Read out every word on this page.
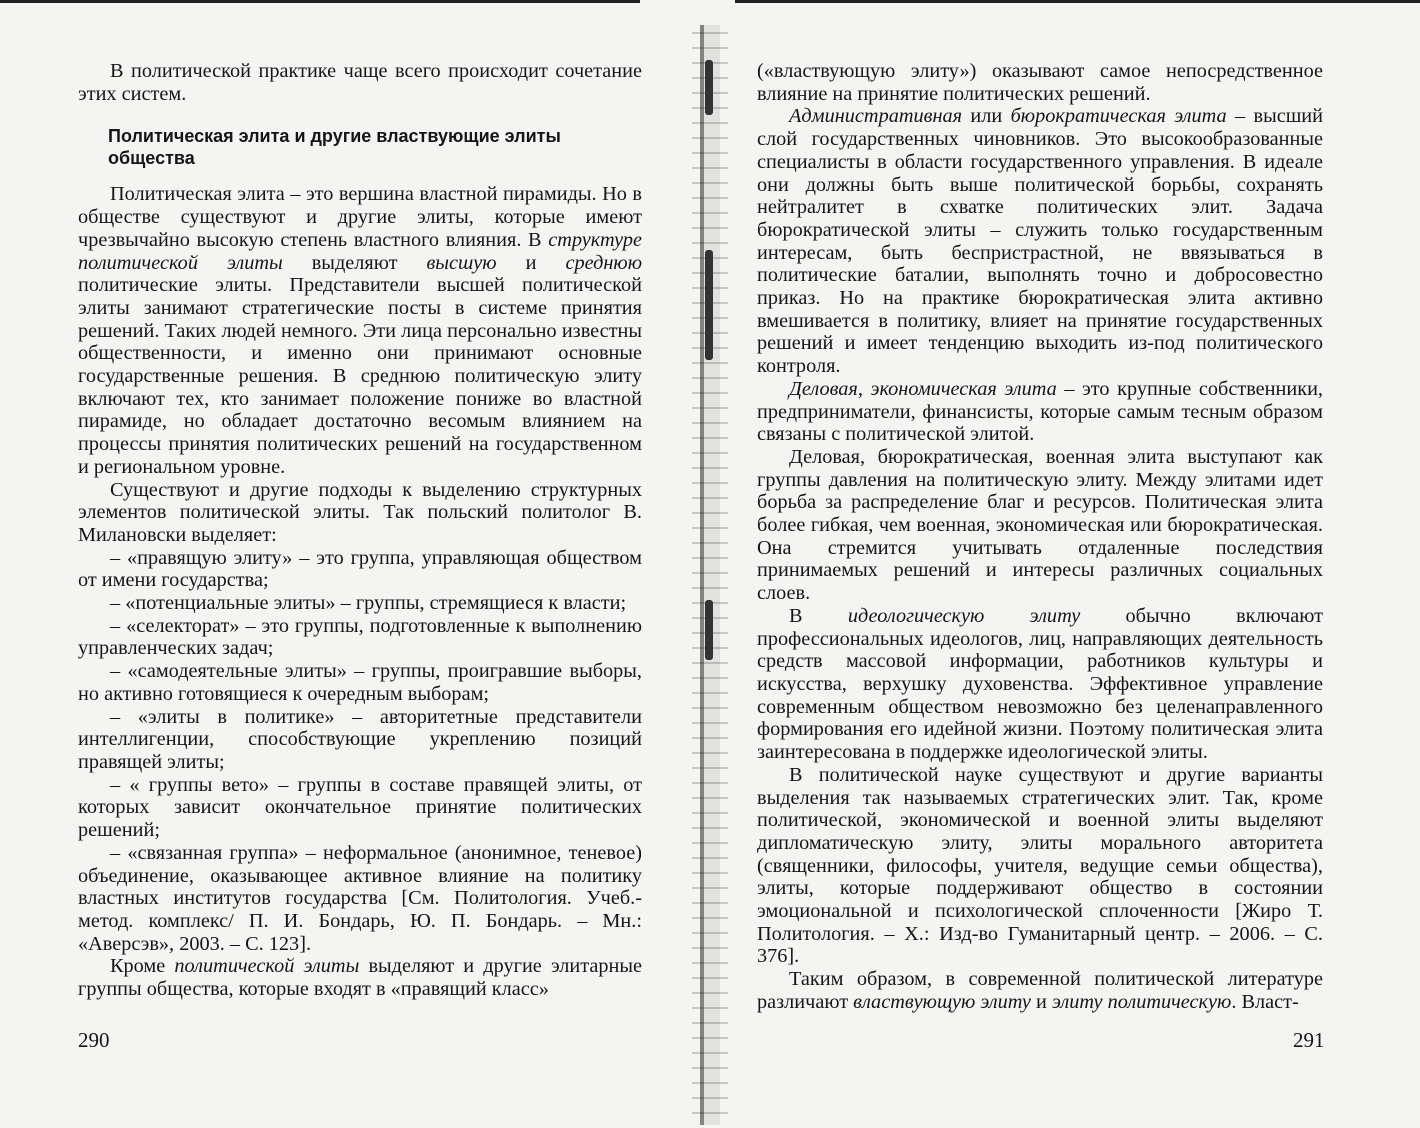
В политической практике чаще всего происходит сочетание этих систем.

Политическая элита и другие властвующие элиты общества

Политическая элита – это вершина властной пирамиды. Но в обществе существуют и другие элиты, которые имеют чрезвычайно высокую степень властного влияния. В структуре политической элиты выделяют высшую и среднюю политические элиты. Представители высшей политической элиты занимают стратегические посты в системе принятия решений. Таких людей немного. Эти лица персонально известны общественности, и именно они принимают основные государственные решения. В среднюю политическую элиту включают тех, кто занимает положение пониже во властной пирамиде, но обладает достаточно весомым влиянием на процессы принятия политических решений на государственном и региональном уровне.

Существуют и другие подходы к выделению структурных элементов политической элиты. Так польский политолог В. Милановски выделяет:

– «правящую элиту» – это группа, управляющая обществом от имени государства;

– «потенциальные элиты» – группы, стремящиеся к власти;

– «селекторат» – это группы, подготовленные к выполнению управленческих задач;

– «самодеятельные элиты» – группы, проигравшие выборы, но активно готовящиеся к очередным выборам;

– «элиты в политике» – авторитетные представители интеллигенции, способствующие укреплению позиций правящей элиты;

– « группы вето» – группы в составе правящей элиты, от которых зависит окончательное принятие политических решений;

– «связанная группа» – неформальное (анонимное, теневое) объединение, оказывающее активное влияние на политику властных институтов государства [См. Политология. Учеб.-метод. комплекс/ П. И. Бондарь, Ю. П. Бондарь. – Мн.: «Аверсэв», 2003. – С. 123].

Кроме политической элиты выделяют и другие элитарные группы общества, которые входят в «правящий класс»

290

(«властвующую элиту») оказывают самое непосредственное влияние на принятие политических решений.

Административная или бюрократическая элита – высший слой государственных чиновников. Это высокообразованные специалисты в области государственного управления. В идеале они должны быть выше политической борьбы, сохранять нейтралитет в схватке политических элит. Задача бюрократической элиты – служить только государственным интересам, быть беспристрастной, не ввязываться в политические баталии, выполнять точно и добросовестно приказ. Но на практике бюрократическая элита активно вмешивается в политику, влияет на принятие государственных решений и имеет тенденцию выходить из-под политического контроля.

Деловая, экономическая элита – это крупные собственники, предприниматели, финансисты, которые самым тесным образом связаны с политической элитой.

Деловая, бюрократическая, военная элита выступают как группы давления на политическую элиту. Между элитами идет борьба за распределение благ и ресурсов. Политическая элита более гибкая, чем военная, экономическая или бюрократическая. Она стремится учитывать отдаленные последствия принимаемых решений и интересы различных социальных слоев.

В идеологическую элиту обычно включают профессиональных идеологов, лиц, направляющих деятельность средств массовой информации, работников культуры и искусства, верхушку духовенства. Эффективное управление современным обществом невозможно без целенаправленного формирования его идейной жизни. Поэтому политическая элита заинтересована в поддержке идеологической элиты.

В политической науке существуют и другие варианты выделения так называемых стратегических элит. Так, кроме политической, экономической и военной элиты выделяют дипломатическую элиту, элиты морального авторитета (священники, философы, учителя, ведущие семьи общества), элиты, которые поддерживают общество в состоянии эмоциональной и психологической сплоченности [Жиро Т. Политология. – Х.: Изд-во Гуманитарный центр. – 2006. – С. 376].

Таким образом, в современной политической литературе различают властвующую элиту и элиту политическую. Власт-

291
